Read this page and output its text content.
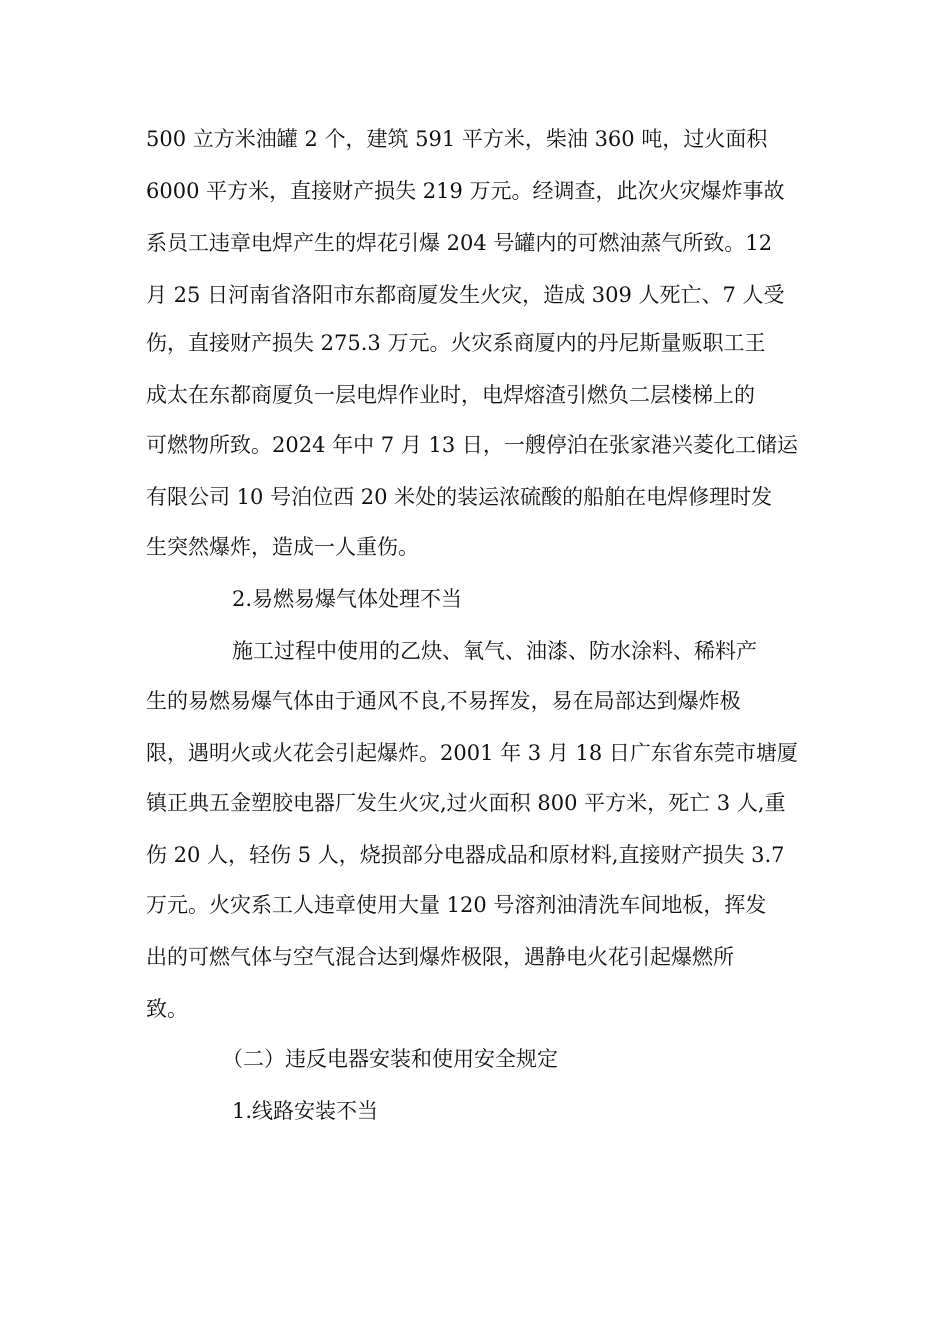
500 立方米油罐 2 个，建筑 591 平方米，柴油 360 吨，过火面积
6000 平方米，直接财产损失 219 万元。经调查，此次火灾爆炸事故
系员工违章电焊产生的焊花引爆 204 号罐内的可燃油蒸气所致。12
月 25 日河南省洛阳市东都商厦发生火灾，造成 309 人死亡、7 人受
伤，直接财产损失 275.3 万元。火灾系商厦内的丹尼斯量贩职工王
成太在东都商厦负一层电焊作业时，电焊熔渣引燃负二层楼梯上的
可燃物所致。2024 年中 7 月 13 日，一艘停泊在张家港兴菱化工储运
有限公司 10 号泊位西 20 米处的装运浓硫酸的船舶在电焊修理时发
生突然爆炸，造成一人重伤。
2.易燃易爆气体处理不当
施工过程中使用的乙炔、氧气、油漆、防水涂料、稀料产
生的易燃易爆气体由于通风不良,不易挥发，易在局部达到爆炸极
限，遇明火或火花会引起爆炸。2001 年 3 月 18 日广东省东莞市塘厦
镇正典五金塑胶电器厂发生火灾,过火面积 800 平方米，死亡 3 人,重
伤 20 人，轻伤 5 人，烧损部分电器成品和原材料,直接财产损失 3.7
万元。火灾系工人违章使用大量 120 号溶剂油清洗车间地板，挥发
出的可燃气体与空气混合达到爆炸极限，遇静电火花引起爆燃所
致。
（二）违反电器安装和使用安全规定
1.线路安装不当
